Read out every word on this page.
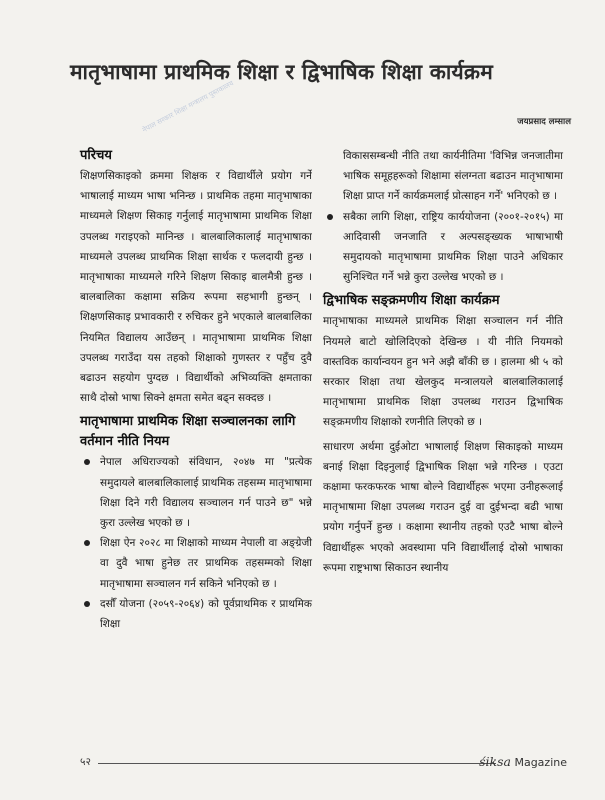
मातृभाषामा प्राथमिक शिक्षा र द्विभाषिक शिक्षा कार्यक्रम
नेपाल सरकार शिक्षा मन्त्रालय पुस्तकालय	जयप्रसाद लम्साल
परिचय

शिक्षणसिकाइको क्रममा शिक्षक र विद्यार्थीले प्रयोग गर्ने भाषालाई माध्यम भाषा भनिन्छ । प्राथमिक तहमा मातृभाषाका माध्यमले शिक्षण सिकाइ गर्नुलाई मातृभाषामा प्राथमिक शिक्षा उपलब्ध गराइएको मानिन्छ । बालबालिकालाई मातृभाषाका माध्यमले उपलब्ध प्राथमिक शिक्षा सार्थक र फलदायी हुन्छ । मातृभाषाका माध्यमले गरिने शिक्षण सिकाइ बालमैत्री हुन्छ । बालबालिका कक्षामा सक्रिय रूपमा सहभागी हुन्छन् । शिक्षणसिकाइ प्रभावकारी र रुचिकर हुने भएकाले बालबालिका नियमित विद्यालय आउँछन् । मातृभाषामा प्राथमिक शिक्षा उपलब्ध गराउँदा यस तहको शिक्षाको गुणस्तर र पहुँच दुवै बढाउन सहयोग पुग्दछ । विद्यार्थीको अभिव्यक्ति क्षमताका साथै दोस्रो भाषा सिक्ने क्षमता समेत बढ्न सक्दछ ।

मातृभाषामा प्राथमिक शिक्षा सञ्चालनका लागि वर्तमान नीति नियम
नेपाल अधिराज्यको संविधान, २०४७ मा "प्रत्येक समुदायले बालबालिकालाई प्राथमिक तहसम्म मातृभाषामा शिक्षा दिने गरी विद्यालय सञ्चालन गर्न पाउने छ" भन्ने कुरा उल्लेख भएको छ ।
शिक्षा ऐन २०२८ मा शिक्षाको माध्यम नेपाली वा अङ्ग्रेजी वा दुवै भाषा हुनेछ तर प्राथमिक तहसम्मको शिक्षा मातृभाषामा सञ्चालन गर्न सकिने भनिएको छ ।
दसौँ योजना (२०५९-२०६४) को पूर्वप्राथमिक र प्राथमिक शिक्षा
विकाससम्बन्धी नीति तथा कार्यनीतिमा 'विभिन्न जनजातीमा भाषिक समूहहरूको शिक्षामा संलग्नता बढाउन मातृभाषामा शिक्षा प्राप्त गर्ने कार्यक्रमलाई प्रोत्साहन गर्ने' भनिएको छ ।
सबैका लागि शिक्षा, राष्ट्रिय कार्ययोजना (२००१-२०१५) मा आदिवासी जनजाति र अल्पसङ्ख्यक भाषाभाषी समुदायको मातृभाषामा प्राथमिक शिक्षा पाउने अधिकार सुनिश्चित गर्ने भन्ने कुरा उल्लेख भएको छ ।
द्विभाषिक सङ्क्रमणीय शिक्षा कार्यक्रम

मातृभाषाका माध्यमले प्राथमिक शिक्षा सञ्चालन गर्न नीति नियमले बाटो खोलिदिएको देखिन्छ । यी नीति नियमको वास्तविक कार्यान्वयन हुन भने अझै बाँकी छ । हालमा श्री ५ को सरकार शिक्षा तथा खेलकुद मन्त्रालयले बालबालिकालाई मातृभाषामा प्राथमिक शिक्षा उपलब्ध गराउन द्विभाषिक सङ्क्रमणीय शिक्षाको रणनीति लिएको छ ।

साधारण अर्थमा दुईओटा भाषालाई शिक्षण सिकाइको माध्यम बनाई शिक्षा दिइनुलाई द्विभाषिक शिक्षा भन्ने गरिन्छ । एउटा कक्षामा फरकफरक भाषा बोल्ने विद्यार्थीहरू भएमा उनीहरूलाई मातृभाषामा शिक्षा उपलब्ध गराउन दुई वा दुईभन्दा बढी भाषा प्रयोग गर्नुपर्ने हुन्छ । कक्षामा स्थानीय तहको एउटै भाषा बोल्ने विद्यार्थीहरू भएको अवस्थामा पनि विद्यार्थीलाई दोस्रो भाषाका रूपमा राष्ट्रभाषा सिकाउन स्थानीय

५२	śiksa Magazine
